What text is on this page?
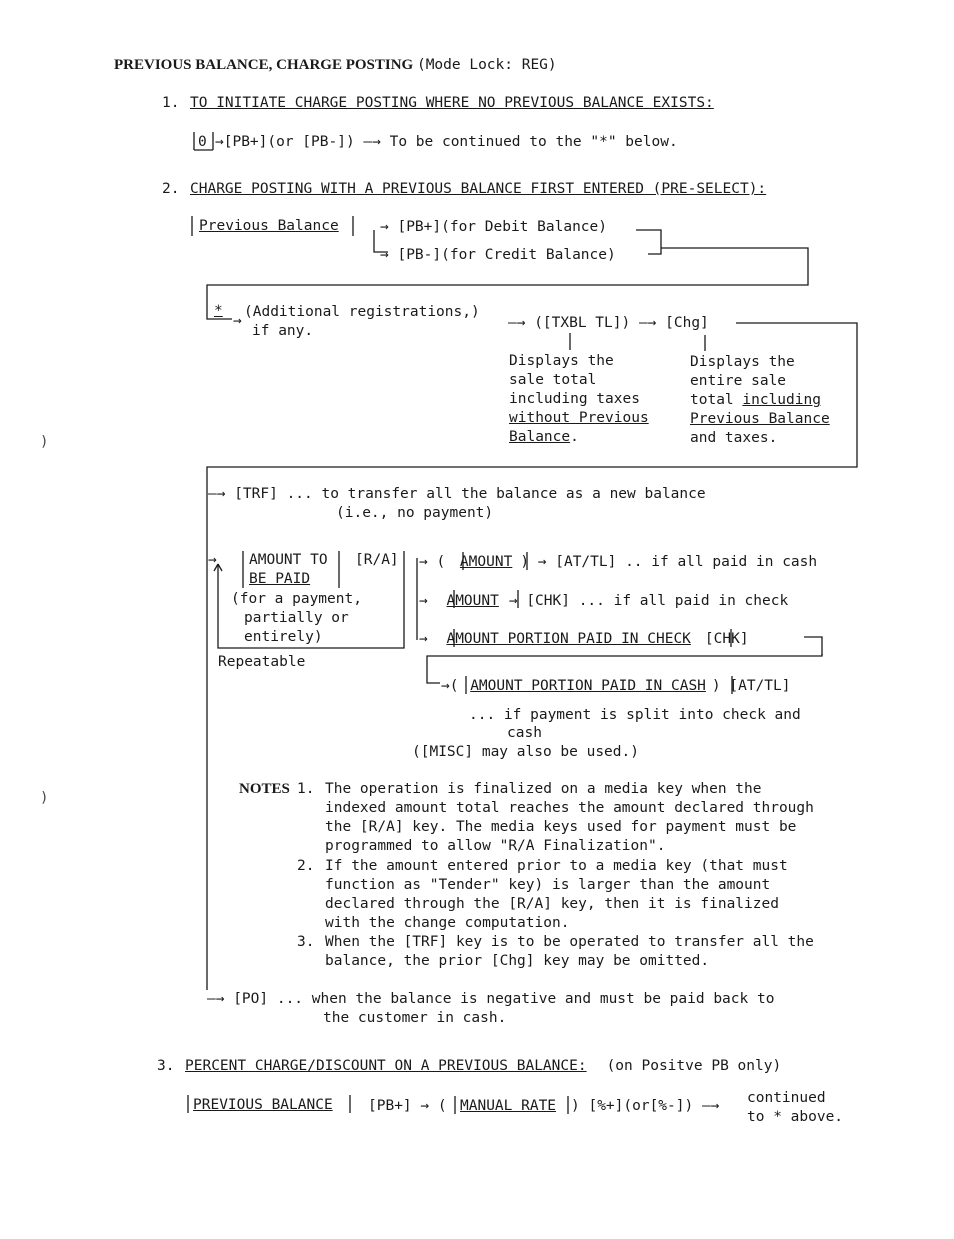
PREVIOUS BALANCE, CHARGE POSTING (Mode Lock: REG)
1. TO INITIATE CHARGE POSTING WHERE NO PREVIOUS BALANCE EXISTS:
0 →[PB+](or [PB-]) —→ To be continued to the "*" below.
2. CHARGE POSTING WITH A PREVIOUS BALANCE FIRST ENTERED (PRE-SELECT):
Previous Balance	→ [PB+](for Debit Balance)
→ [PB-](for Credit Balance)
*
→
(Additional registrations,)
if any.	—→ ([TXBL TL]) —→ [Chg]
Displays the
sale total
including taxes
without Previous
Balance.
Displays the
entire sale
total including
Previous Balance
and taxes.
—→ [TRF] ... to transfer all the balance as a new balance
(i.e., no payment)
→ AMOUNT TO
BE PAID
[R/A]
(for a payment,
partially or
entirely)
Repeatable
→ ( AMOUNT ) → [AT/TL] .. if all paid in cash
→ AMOUNT → [CHK] ... if all paid in check
→ AMOUNT PORTION PAID IN CHECK [CHK]
→( AMOUNT PORTION PAID IN CASH ) [AT/TL]
... if payment is split into check and
cash
([MISC] may also be used.)
NOTES 1. The operation is finalized on a media key when the
indexed amount total reaches the amount declared through
the [R/A] key. The media keys used for payment must be
programmed to allow "R/A Finalization".
2. If the amount entered prior to a media key (that must
function as "Tender" key) is larger than the amount
declared through the [R/A] key, then it is finalized
with the change computation.
3. When the [TRF] key is to be operated to transfer all the
balance, the prior [Chg] key may be omitted.
—→ [PO] ... when the balance is negative and must be paid back to
the customer in cash.
3. PERCENT CHARGE/DISCOUNT ON A PREVIOUS BALANCE: (on Positve PB only)
PREVIOUS BALANCE [PB+] → ( MANUAL RATE ) [%+](or[%-]) —→ continued
to * above.
)
)
